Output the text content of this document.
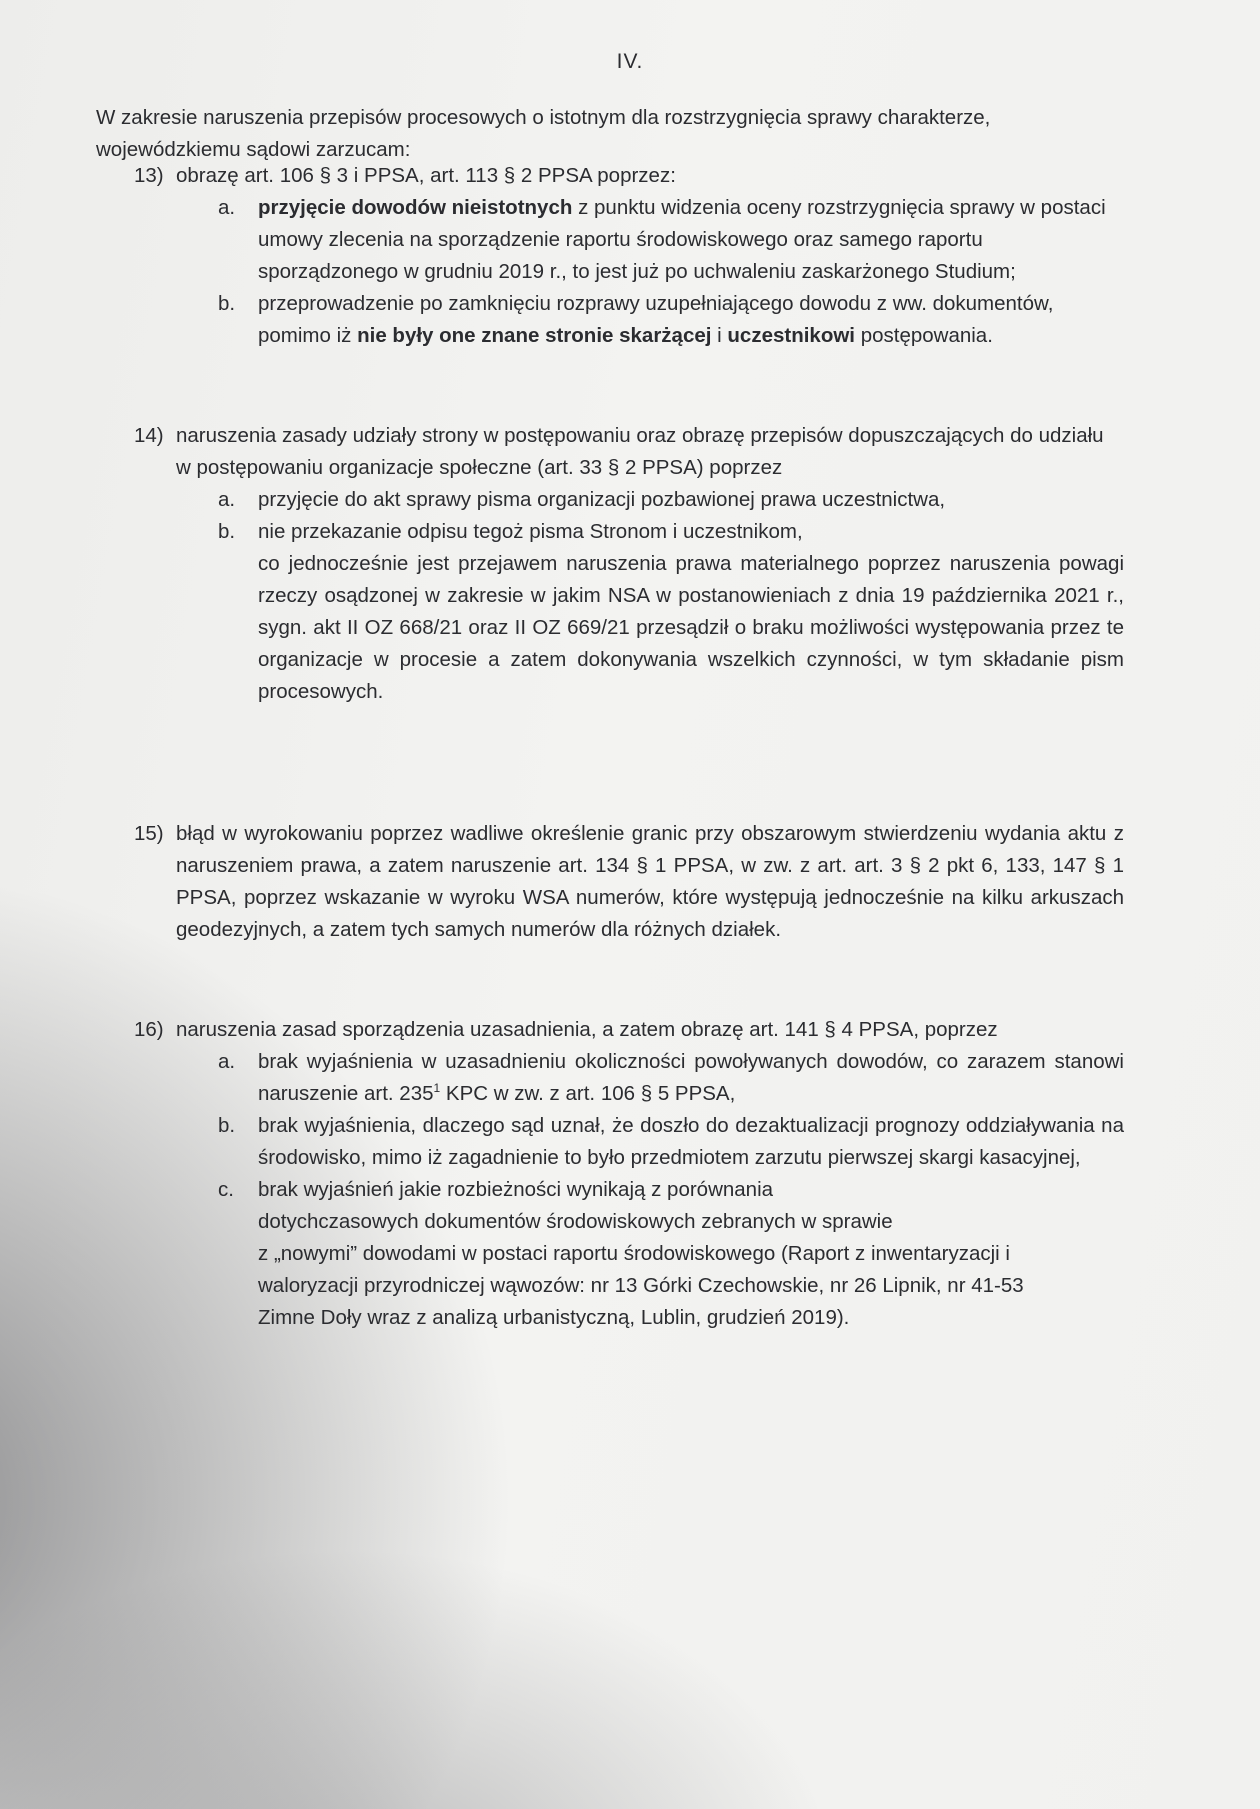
IV.
W zakresie naruszenia przepisów procesowych o istotnym dla rozstrzygnięcia sprawy charakterze, wojewódzkiemu sądowi zarzucam:
13) obrazę art. 106 § 3 i PPSA, art. 113 § 2 PPSA poprzez:
a.	przyjęcie dowodów nieistotnych z punktu widzenia oceny rozstrzygnięcia sprawy w postaci umowy zlecenia na sporządzenie raportu środowiskowego oraz samego raportu sporządzonego w grudniu 2019 r., to jest już po uchwaleniu zaskarżonego Studium;
b.	przeprowadzenie po zamknięciu rozprawy uzupełniającego dowodu z ww. dokumentów, pomimo iż nie były one znane stronie skarżącej i uczestnikowi postępowania.
14) naruszenia zasady udziały strony w postępowaniu oraz obrazę przepisów dopuszczających do udziału w postępowaniu organizacje społeczne (art. 33 § 2 PPSA) poprzez
a.	przyjęcie do akt sprawy pisma organizacji pozbawionej prawa uczestnictwa,
b.	nie przekazanie odpisu tegoż pisma Stronom i uczestnikom,
co jednocześnie jest przejawem naruszenia prawa materialnego poprzez naruszenia powagi rzeczy osądzonej w zakresie w jakim NSA w postanowieniach z dnia 19 października 2021 r., sygn. akt II OZ 668/21 oraz II OZ 669/21 przesądził o braku możliwości występowania przez te organizacje w procesie a zatem dokonywania wszelkich czynności, w tym składanie pism procesowych.
15) błąd w wyrokowaniu poprzez wadliwe określenie granic przy obszarowym stwierdzeniu wydania aktu z naruszeniem prawa, a zatem naruszenie art. 134 § 1 PPSA, w zw. z art. art. 3 § 2 pkt 6, 133, 147 § 1 PPSA, poprzez wskazanie w wyroku WSA numerów, które występują jednocześnie na kilku arkuszach geodezyjnych, a zatem tych samych numerów dla różnych działek.
16) naruszenia zasad sporządzenia uzasadnienia, a zatem obrazę art. 141 § 4 PPSA, poprzez
a.	brak wyjaśnienia w uzasadnieniu okoliczności powoływanych dowodów, co zarazem stanowi naruszenie art. $235^1$ KPC w zw. z art. 106 § 5 PPSA,
b.	brak wyjaśnienia, dlaczego sąd uznał, że doszło do dezaktualizacji prognozy oddziaływania na środowisko, mimo iż zagadnienie to było przedmiotem zarzutu pierwszej skargi kasacyjnej,
c.	brak wyjaśnień jakie rozbieżności wynikają z porównania
dotychczasowych dokumentów środowiskowych zebranych w sprawie
z „nowymi” dowodami w postaci raportu środowiskowego (Raport z inwentaryzacji i
waloryzacji przyrodniczej wąwozów: nr 13 Górki Czechowskie, nr 26 Lipnik, nr 41-53
Zimne Doły wraz z analizą urbanistyczną, Lublin, grudzień 2019).
